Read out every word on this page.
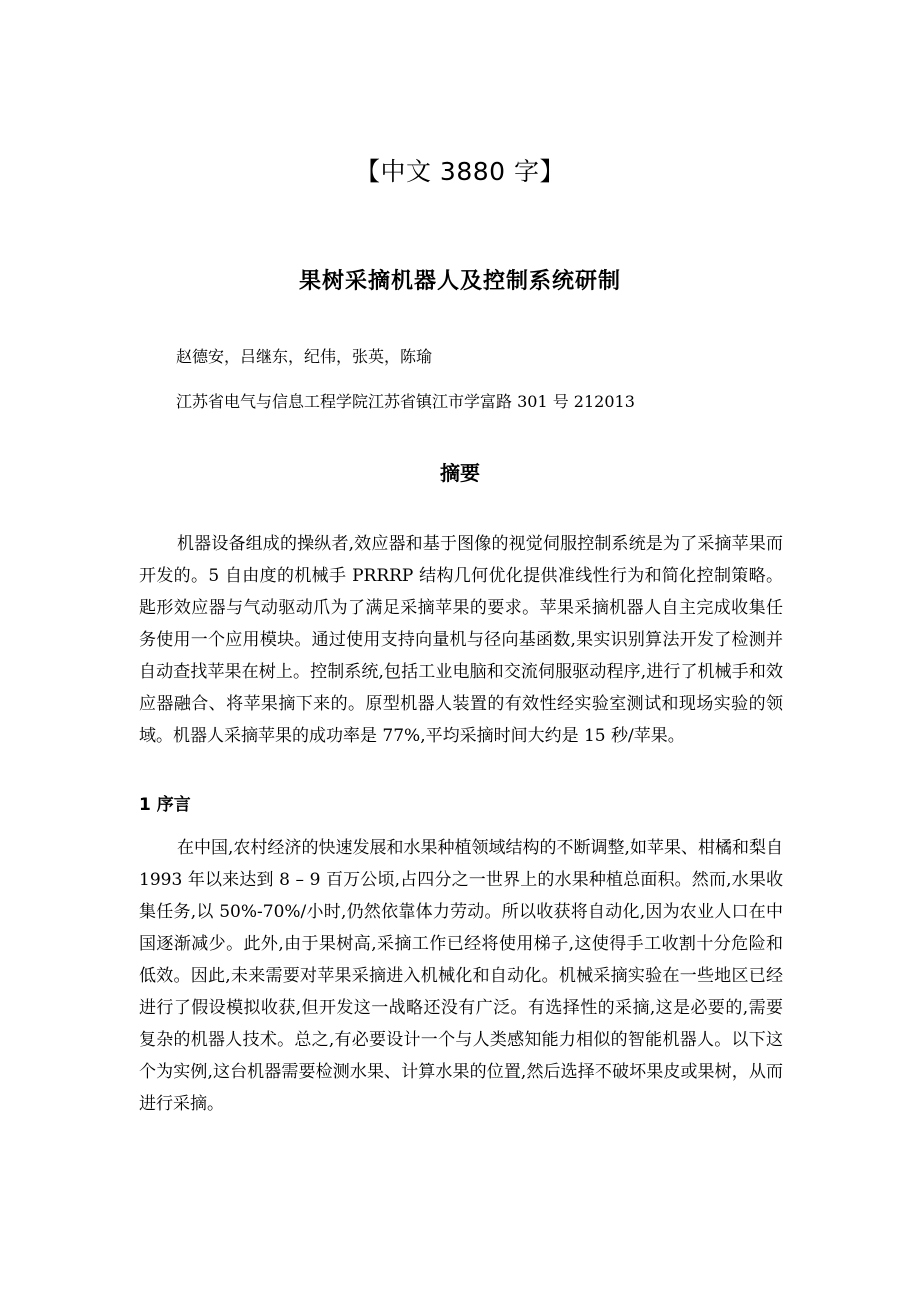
【中文 3880 字】
果树采摘机器人及控制系统研制
赵德安，吕继东，纪伟，张英，陈瑜
江苏省电气与信息工程学院江苏省镇江市学富路 301 号 212013
摘要

机器设备组成的操纵者,效应器和基于图像的视觉伺服控制系统是为了采摘苹果而开发的。5 自由度的机械手 PRRRP 结构几何优化提供准线性行为和简化控制策略。匙形效应器与气动驱动爪为了满足采摘苹果的要求。苹果采摘机器人自主完成收集任务使用一个应用模块。通过使用支持向量机与径向基函数,果实识别算法开发了检测并自动查找苹果在树上。控制系统,包括工业电脑和交流伺服驱动程序,进行了机械手和效应器融合、将苹果摘下来的。原型机器人装置的有效性经实验室测试和现场实验的领域。机器人采摘苹果的成功率是 77%,平均采摘时间大约是 15 秒/苹果。

1 序言

在中国,农村经济的快速发展和水果种植领域结构的不断调整,如苹果、柑橘和梨自 1993 年以来达到 8 – 9 百万公顷,占四分之一世界上的水果种植总面积。然而,水果收集任务,以 50%-70%/小时,仍然依靠体力劳动。所以收获将自动化,因为农业人口在中国逐渐减少。此外,由于果树高,采摘工作已经将使用梯子,这使得手工收割十分危险和低效。因此,未来需要对苹果采摘进入机械化和自动化。机械采摘实验在一些地区已经进行了假设模拟收获,但开发这一战略还没有广泛。有选择性的采摘,这是必要的,需要复杂的机器人技术。总之,有必要设计一个与人类感知能力相似的智能机器人。以下这个为实例,这台机器需要检测水果、计算水果的位置,然后选择不破坏果皮或果树，从而进行采摘。
